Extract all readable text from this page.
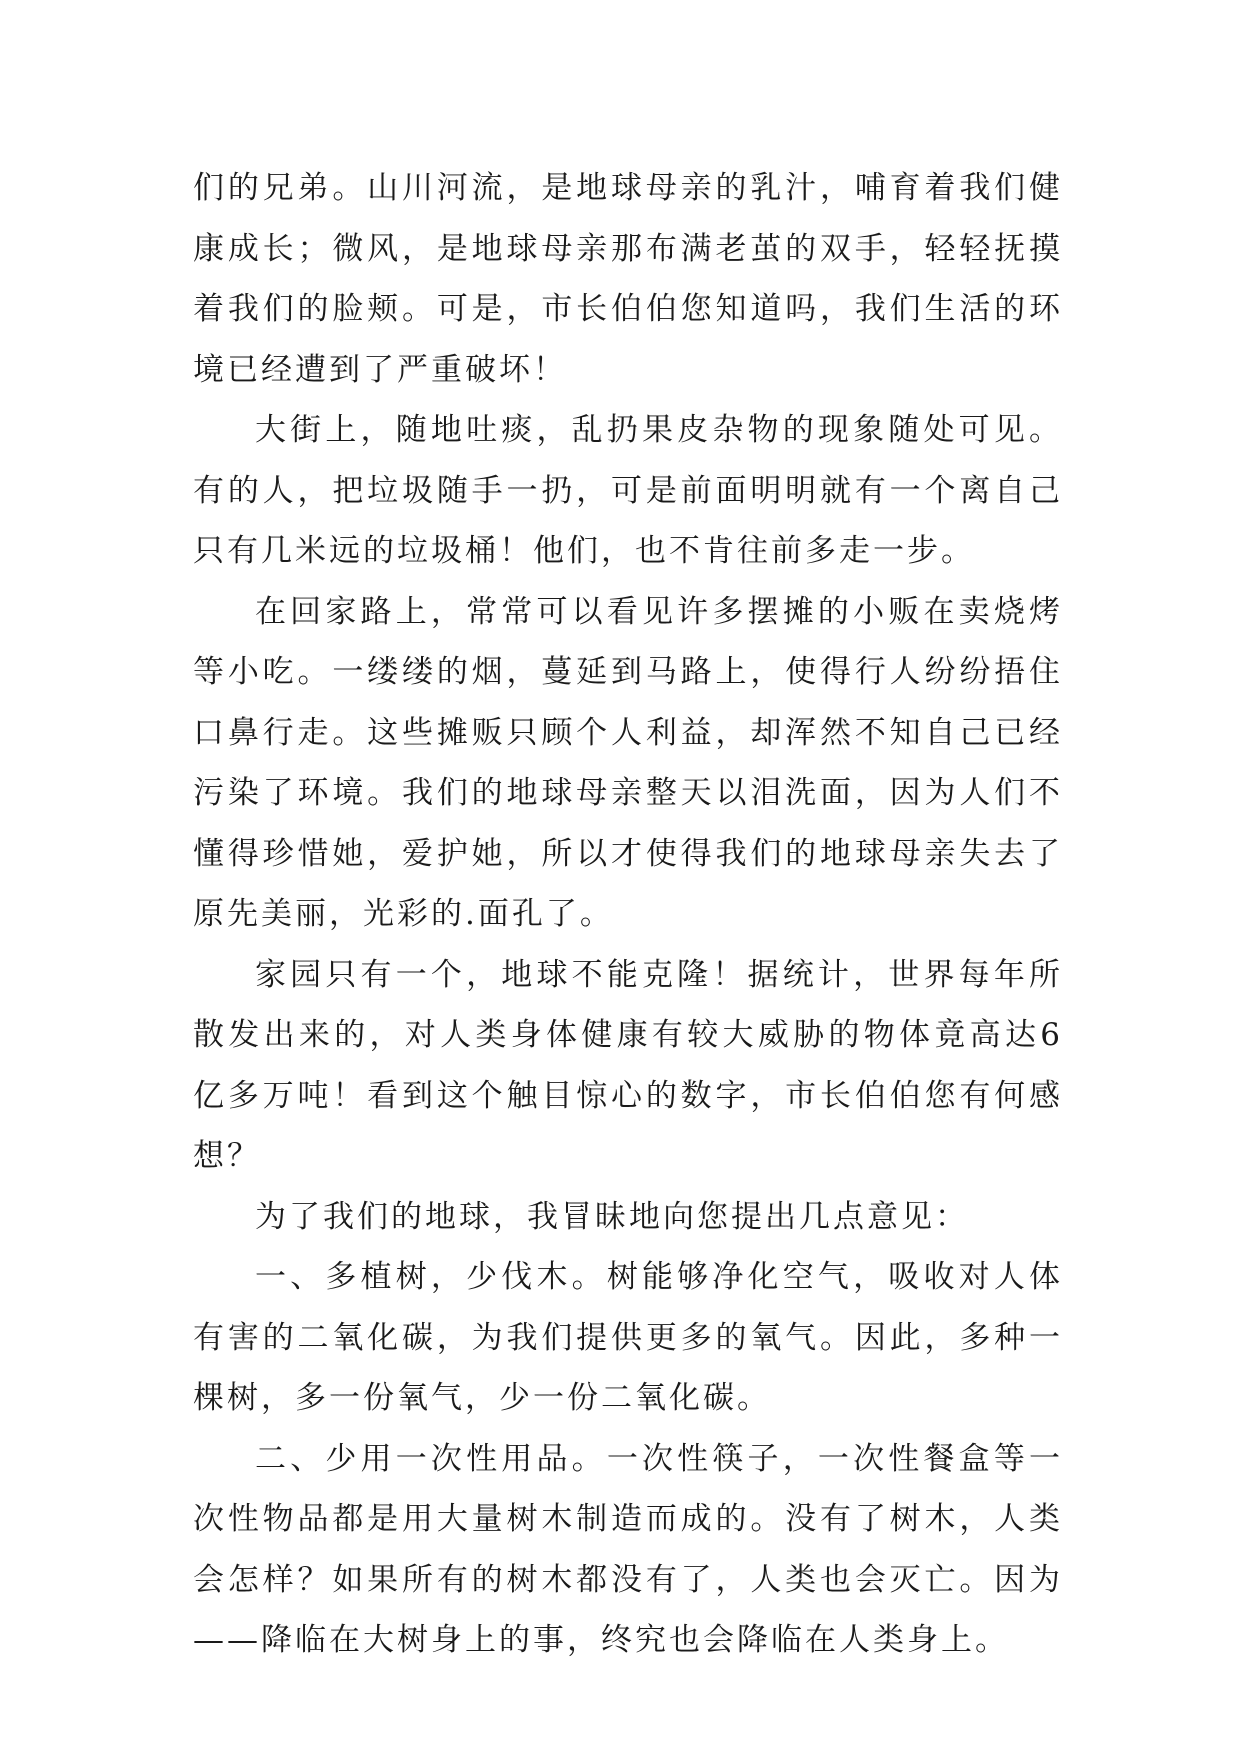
们的兄弟。山川河流，是地球母亲的乳汁，哺育着我们健康成长；微风，是地球母亲那布满老茧的双手，轻轻抚摸着我们的脸颊。可是，市长伯伯您知道吗，我们生活的环境已经遭到了严重破坏！

大街上，随地吐痰，乱扔果皮杂物的现象随处可见。有的人，把垃圾随手一扔，可是前面明明就有一个离自己只有几米远的垃圾桶！他们，也不肯往前多走一步。

在回家路上，常常可以看见许多摆摊的小贩在卖烧烤等小吃。一缕缕的烟，蔓延到马路上，使得行人纷纷捂住口鼻行走。这些摊贩只顾个人利益，却浑然不知自己已经污染了环境。我们的地球母亲整天以泪洗面，因为人们不懂得珍惜她，爱护她，所以才使得我们的地球母亲失去了原先美丽，光彩的.面孔了。

家园只有一个，地球不能克隆！据统计，世界每年所散发出来的，对人类身体健康有较大威胁的物体竟高达6亿多万吨！看到这个触目惊心的数字，市长伯伯您有何感想？

为了我们的地球，我冒昧地向您提出几点意见：

一、多植树，少伐木。树能够净化空气，吸收对人体有害的二氧化碳，为我们提供更多的氧气。因此，多种一棵树，多一份氧气，少一份二氧化碳。

二、少用一次性用品。一次性筷子，一次性餐盒等一次性物品都是用大量树木制造而成的。没有了树木，人类会怎样？如果所有的树木都没有了，人类也会灭亡。因为——降临在大树身上的事，终究也会降临在人类身上。
